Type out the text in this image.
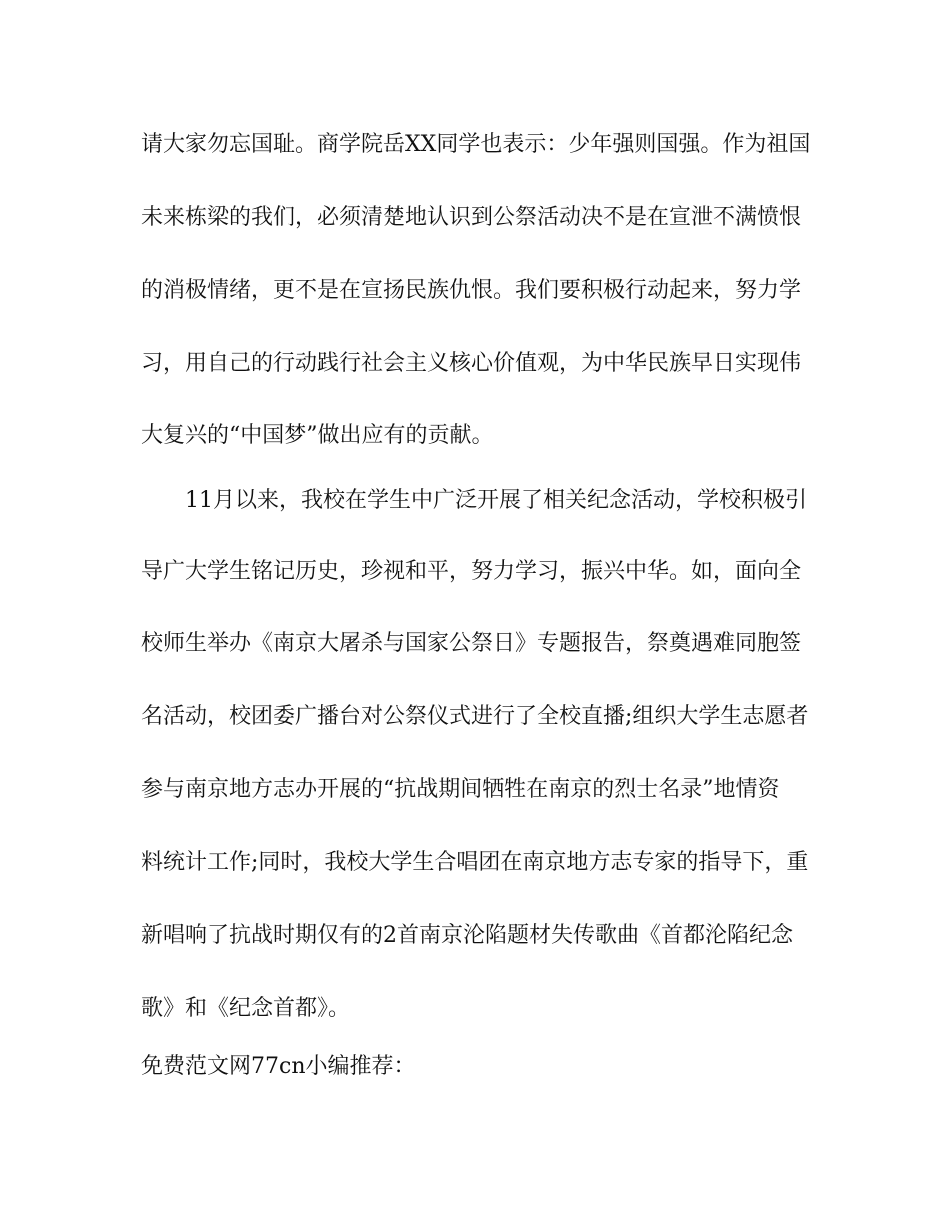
请大家勿忘国耻。商学院岳XX同学也表示：少年强则国强。作为祖国
未来栋梁的我们，必须清楚地认识到公祭活动决不是在宣泄不满愤恨
的消极情绪，更不是在宣扬民族仇恨。我们要积极行动起来，努力学
习，用自己的行动践行社会主义核心价值观，为中华民族早日实现伟
大复兴的“中国梦”做出应有的贡献。
11月以来，我校在学生中广泛开展了相关纪念活动，学校积极引
导广大学生铭记历史，珍视和平，努力学习，振兴中华。如，面向全
校师生举办《南京大屠杀与国家公祭日》专题报告，祭奠遇难同胞签
名活动，校团委广播台对公祭仪式进行了全校直播;组织大学生志愿者
参与南京地方志办开展的“抗战期间牺牲在南京的烈士名录”地情资
料统计工作;同时，我校大学生合唱团在南京地方志专家的指导下，重
新唱响了抗战时期仅有的2首南京沦陷题材失传歌曲《首都沦陷纪念
歌》和《纪念首都》。
免费范文网77cn小编推荐：
